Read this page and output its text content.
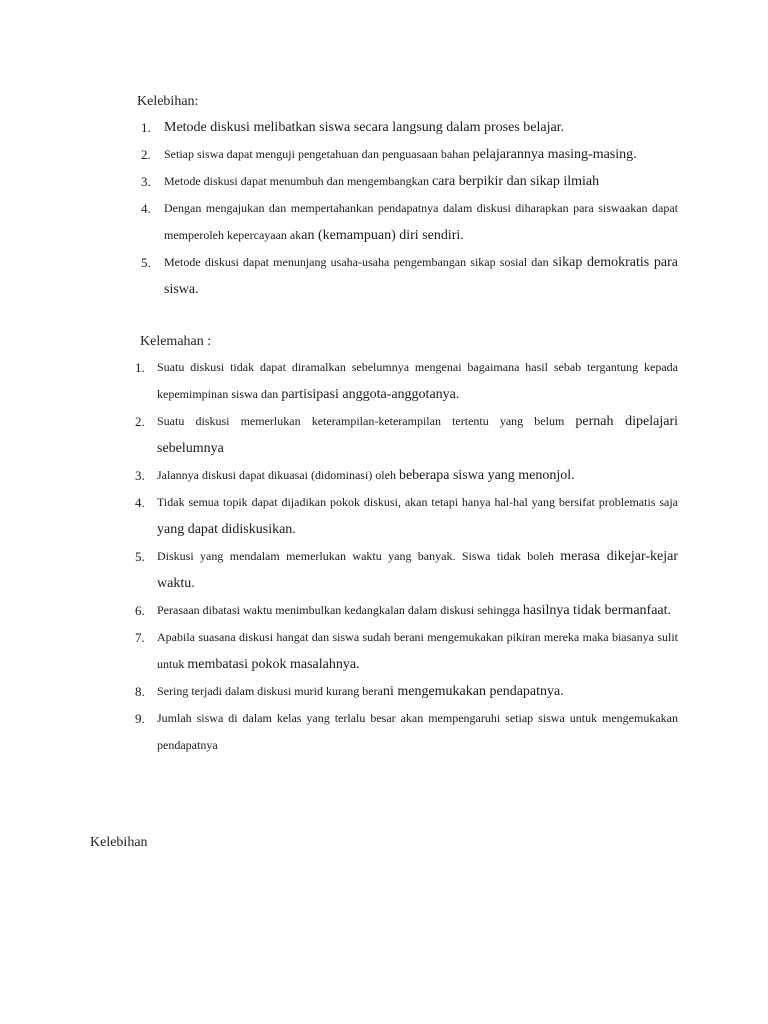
Kelebihan:
1. Metode diskusi melibatkan siswa secara langsung dalam proses belajar.
2. Setiap siswa dapat menguji pengetahuan dan penguasaan bahan pelajarannya masing-masing.
3. Metode diskusi dapat menumbuh dan mengembangkan cara berpikir dan sikap ilmiah
4. Dengan mengajukan dan mempertahankan pendapatnya dalam diskusi diharapkan para siswaakan dapat memperoleh kepercayaan akan (kemampuan) diri sendiri.
5. Metode diskusi dapat menunjang usaha-usaha pengembangan sikap sosial dan sikap demokratis para siswa.
Kelemahan :
1. Suatu diskusi tidak dapat diramalkan sebelumnya mengenai bagaimana hasil sebab tergantung kepada kepemimpinan siswa dan partisipasi anggota-anggotanya.
2. Suatu diskusi memerlukan keterampilan-keterampilan tertentu yang belum pernah dipelajari sebelumnya
3. Jalannya diskusi dapat dikuasai (didominasi) oleh beberapa siswa yang menonjol.
4. Tidak semua topik dapat dijadikan pokok diskusi, akan tetapi hanya hal-hal yang bersifat problematis saja yang dapat didiskusikan.
5. Diskusi yang mendalam memerlukan waktu yang banyak. Siswa tidak boleh merasa dikejar-kejar waktu.
6. Perasaan dibatasi waktu menimbulkan kedangkalan dalam diskusi sehingga hasilnya tidak bermanfaat.
7. Apabila suasana diskusi hangat dan siswa sudah berani mengemukakan pikiran mereka maka biasanya sulit untuk membatasi pokok masalahnya.
8. Sering terjadi dalam diskusi murid kurang berani mengemukakan pendapatnya.
9. Jumlah siswa di dalam kelas yang terlalu besar akan mempengaruhi setiap siswa untuk mengemukakan pendapatnya
Kelebihan
